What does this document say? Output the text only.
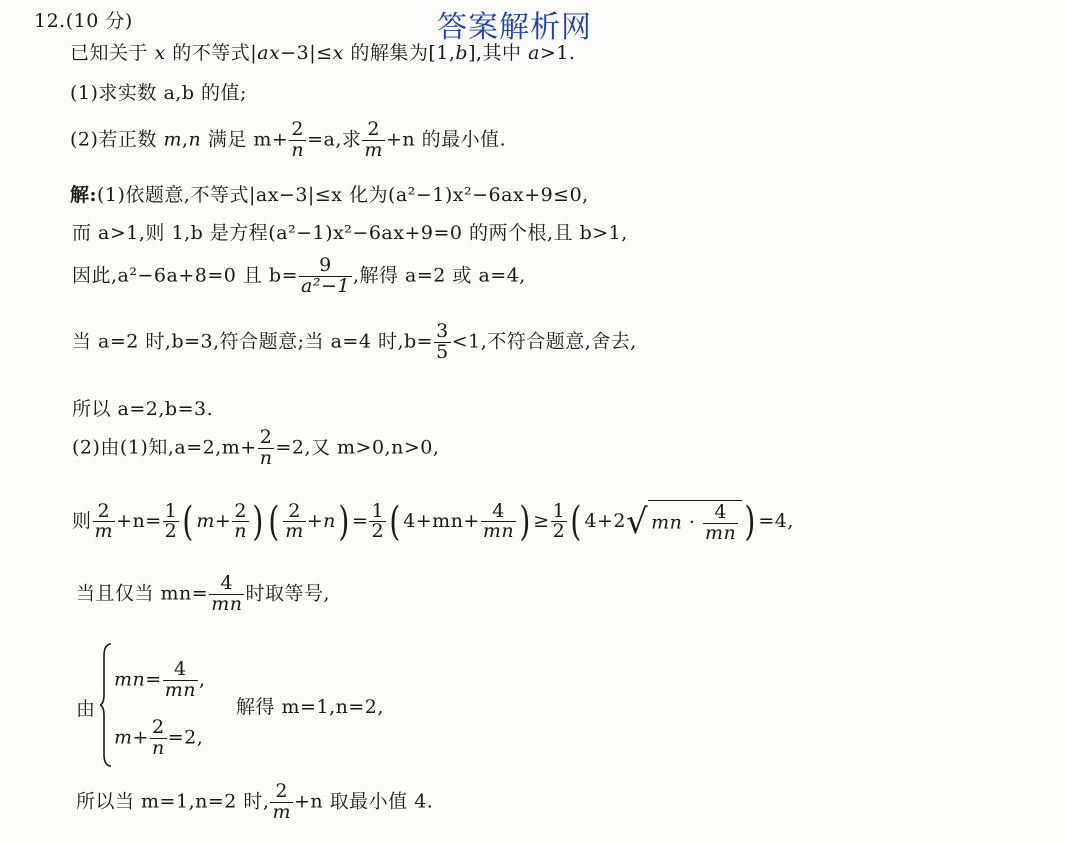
12.(10 分)	答案解析网
已知关于 x 的不等式|ax−3|≤x 的解集为[1,b],其中 a>1.
(1)求实数 a,b 的值;
(2)若正数 m,n 满足 $m+ \frac{2}{n} =a$,求 $\frac{2}{m} +n$ 的最小值.
解:(1)依题意,不等式|ax−3|≤x 化为(a²−1)x²−6ax+9≤0,
而 a>1,则 1,b 是方程(a²−1)x²−6ax+9=0 的两个根,且 b>1,
因此,a²−6a+8=0 且 $b= \frac{9}{\text{a²−1}}$ ,解得 a=2 或 a=4,
当 a=2 时,b=3,符合题意;当 a=4 时$,b= \frac{3}{5} <1$,不符合题意,舍去,
所以 a=2,b=3.
(2)由(1)知$,a=2,m+ \frac{2}{n} =2$,又 m>0,n>0,
则 $\frac{2}{m} +n= \frac{1}{2}$ ( $m+ \frac{2}{n}$ ) ( $\frac{2}{m} +n) = \frac{1}{2}$ ( $4+mn+ \frac{4}{mn}$ ) ≥ $\frac{1}{2}$ ( 4+2√ mn · $\frac{4}{mn}$ ) =4,
当且仅当 $mn= \frac{4}{mn}$ 时取等号,
由
$mn= \frac{4}{mn}$ ,
$m+ \frac{2}{n} =2$,
解得 m=1,n=2,
所以当 m=1,n=2 时, $\frac{2}{m} +n$ 取最小值 4.
